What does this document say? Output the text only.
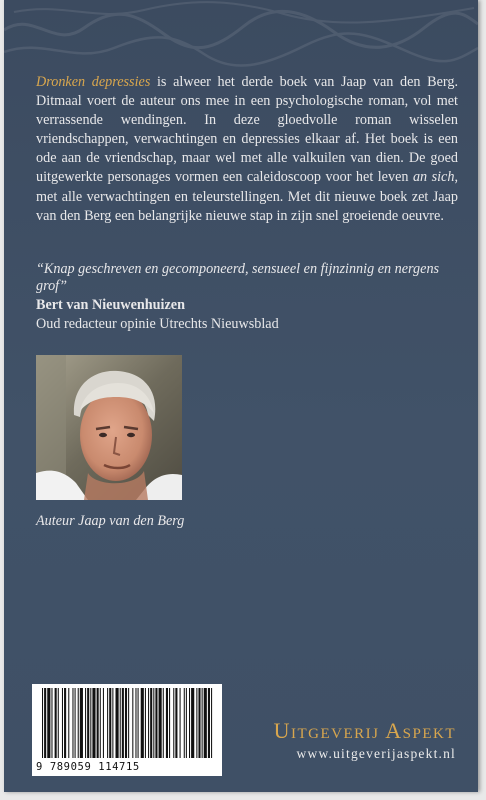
Dronken depressies is alweer het derde boek van Jaap van den Berg. Ditmaal voert de auteur ons mee in een psychologische roman, vol met verrassende wendingen. In deze gloedvolle roman wisselen vriendschappen, verwachtingen en depressies elkaar af. Het boek is een ode aan de vriendschap, maar wel met alle valkuilen van dien. De goed uitgewerkte personages vormen een caleidoscoop voor het leven an sich, met alle verwachtingen en teleurstellingen. Met dit nieuwe boek zet Jaap van den Berg een belangrijke nieuwe stap in zijn snel groeiende oeuvre.

“Knap geschreven en gecomponeerd, sensueel en fijnzinnig en nergens grof”

Bert van Nieuwenhuizen

Oud redacteur opinie Utrechts Nieuwsblad

Auteur Jaap van den Berg

9 789059 114715

Uitgeverij Aspekt

www.uitgeverijaspekt.nl
